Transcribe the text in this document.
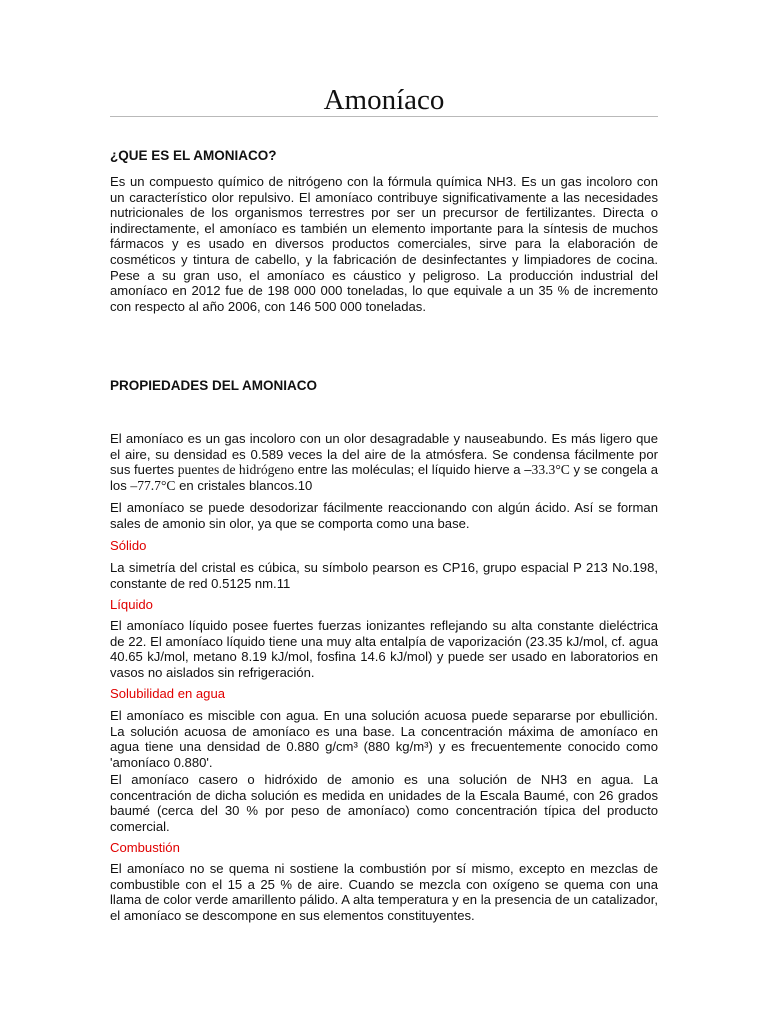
Amoníaco
¿QUE ES EL AMONIACO?

Es un compuesto químico de nitrógeno con la fórmula química NH3. Es un gas incoloro con un característico olor repulsivo. El amoníaco contribuye significativamente a las necesidades nutricionales de los organismos terrestres por ser un precursor de fertilizantes. Directa o indirectamente, el amoníaco es también un elemento importante para la síntesis de muchos fármacos y es usado en diversos productos comerciales, sirve para la elaboración de cosméticos y tintura de cabello, y la fabricación de desinfectantes y limpiadores de cocina. Pese a su gran uso, el amoníaco es cáustico y peligroso. La producción industrial del amoníaco en 2012 fue de 198 000 000 toneladas, lo que equivale a un 35 % de incremento con respecto al año 2006, con 146 500 000 toneladas.

PROPIEDADES DEL AMONIACO

El amoníaco es un gas incoloro con un olor desagradable y nauseabundo. Es más ligero que el aire, su densidad es 0.589 veces la del aire de la atmósfera. Se condensa fácilmente por sus fuertes puentes de hidrógeno entre las moléculas; el líquido hierve a –33.3°C y se congela a los –77.7°C en cristales blancos.10

El amoníaco se puede desodorizar fácilmente reaccionando con algún ácido. Así se forman sales de amonio sin olor, ya que se comporta como una base.

Sólido

La simetría del cristal es cúbica, su símbolo pearson es CP16, grupo espacial P 213 No.198, constante de red 0.5125 nm.11

Líquido

El amoníaco líquido posee fuertes fuerzas ionizantes reflejando su alta constante dieléctrica de 22. El amoníaco líquido tiene una muy alta entalpía de vaporización (23.35 kJ/mol, cf. agua 40.65 kJ/mol, metano 8.19 kJ/mol, fosfina 14.6 kJ/mol) y puede ser usado en laboratorios en vasos no aislados sin refrigeración.

Solubilidad en agua

El amoníaco es miscible con agua. En una solución acuosa puede separarse por ebullición. La solución acuosa de amoníaco es una base. La concentración máxima de amoníaco en agua tiene una densidad de 0.880 g/cm³ (880 kg/m³) y es frecuentemente conocido como 'amoníaco 0.880'.

El amoníaco casero o hidróxido de amonio es una solución de NH3 en agua. La concentración de dicha solución es medida en unidades de la Escala Baumé, con 26 grados baumé (cerca del 30 % por peso de amoníaco) como concentración típica del producto comercial.

Combustión

El amoníaco no se quema ni sostiene la combustión por sí mismo, excepto en mezclas de combustible con el 15 a 25 % de aire. Cuando se mezcla con oxígeno se quema con una llama de color verde amarillento pálido. A alta temperatura y en la presencia de un catalizador, el amoníaco se descompone en sus elementos constituyentes.
